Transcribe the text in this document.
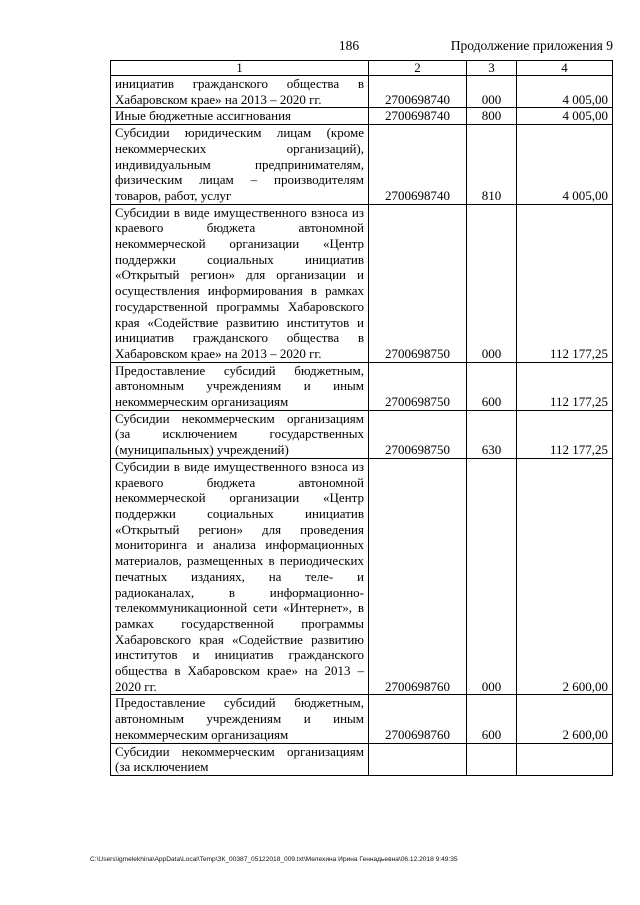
186	Продолжение приложения 9
1	2	3	4
инициатив гражданского общества в Хабаровском крае» на 2013 – 2020 гг.	2700698740	000	4 005,00
Иные бюджетные ассигнования	2700698740	800	4 005,00
Субсидии юридическим лицам (кроме некоммерческих организаций), индивидуальным предпринимателям, физическим лицам – производителям товаров, работ, услуг	2700698740	810	4 005,00
Субсидии в виде имущественного взноса из краевого бюджета автономной некоммерческой организации «Центр поддержки социальных инициатив «Открытый регион» для организации и осуществления информирования в рамках государственной программы Хабаровского края «Содействие развитию институтов и инициатив гражданского общества в Хабаровском крае» на 2013 – 2020 гг.	2700698750	000	112 177,25
Предоставление субсидий бюджетным, автономным учреждениям и иным некоммерческим организациям	2700698750	600	112 177,25
Субсидии некоммерческим организациям (за исключением государственных (муниципальных) учреждений)	2700698750	630	112 177,25
Субсидии в виде имущественного взноса из краевого бюджета автономной некоммерческой организации «Центр поддержки социальных инициатив «Открытый регион» для проведения мониторинга и анализа информационных материалов, размещенных в периодических печатных изданиях, на теле- и радиоканалах, в информационно-телекоммуникационной сети «Интернет», в рамках государственной программы Хабаровского края «Содействие развитию институтов и инициатив гражданского общества в Хабаровском крае» на 2013 – 2020 гг.	2700698760	000	2 600,00
Предоставление субсидий бюджетным, автономным учреждениям и иным некоммерческим организациям	2700698760	600	2 600,00
Субсидии некоммерческим организациям (за исключением			
C:\Users\igmelekhina\AppData\Local\Temp\ЗК_00387_05122018_009.txt\Мелехина Ирина Геннадьевна\06.12.2018 9:49:35
